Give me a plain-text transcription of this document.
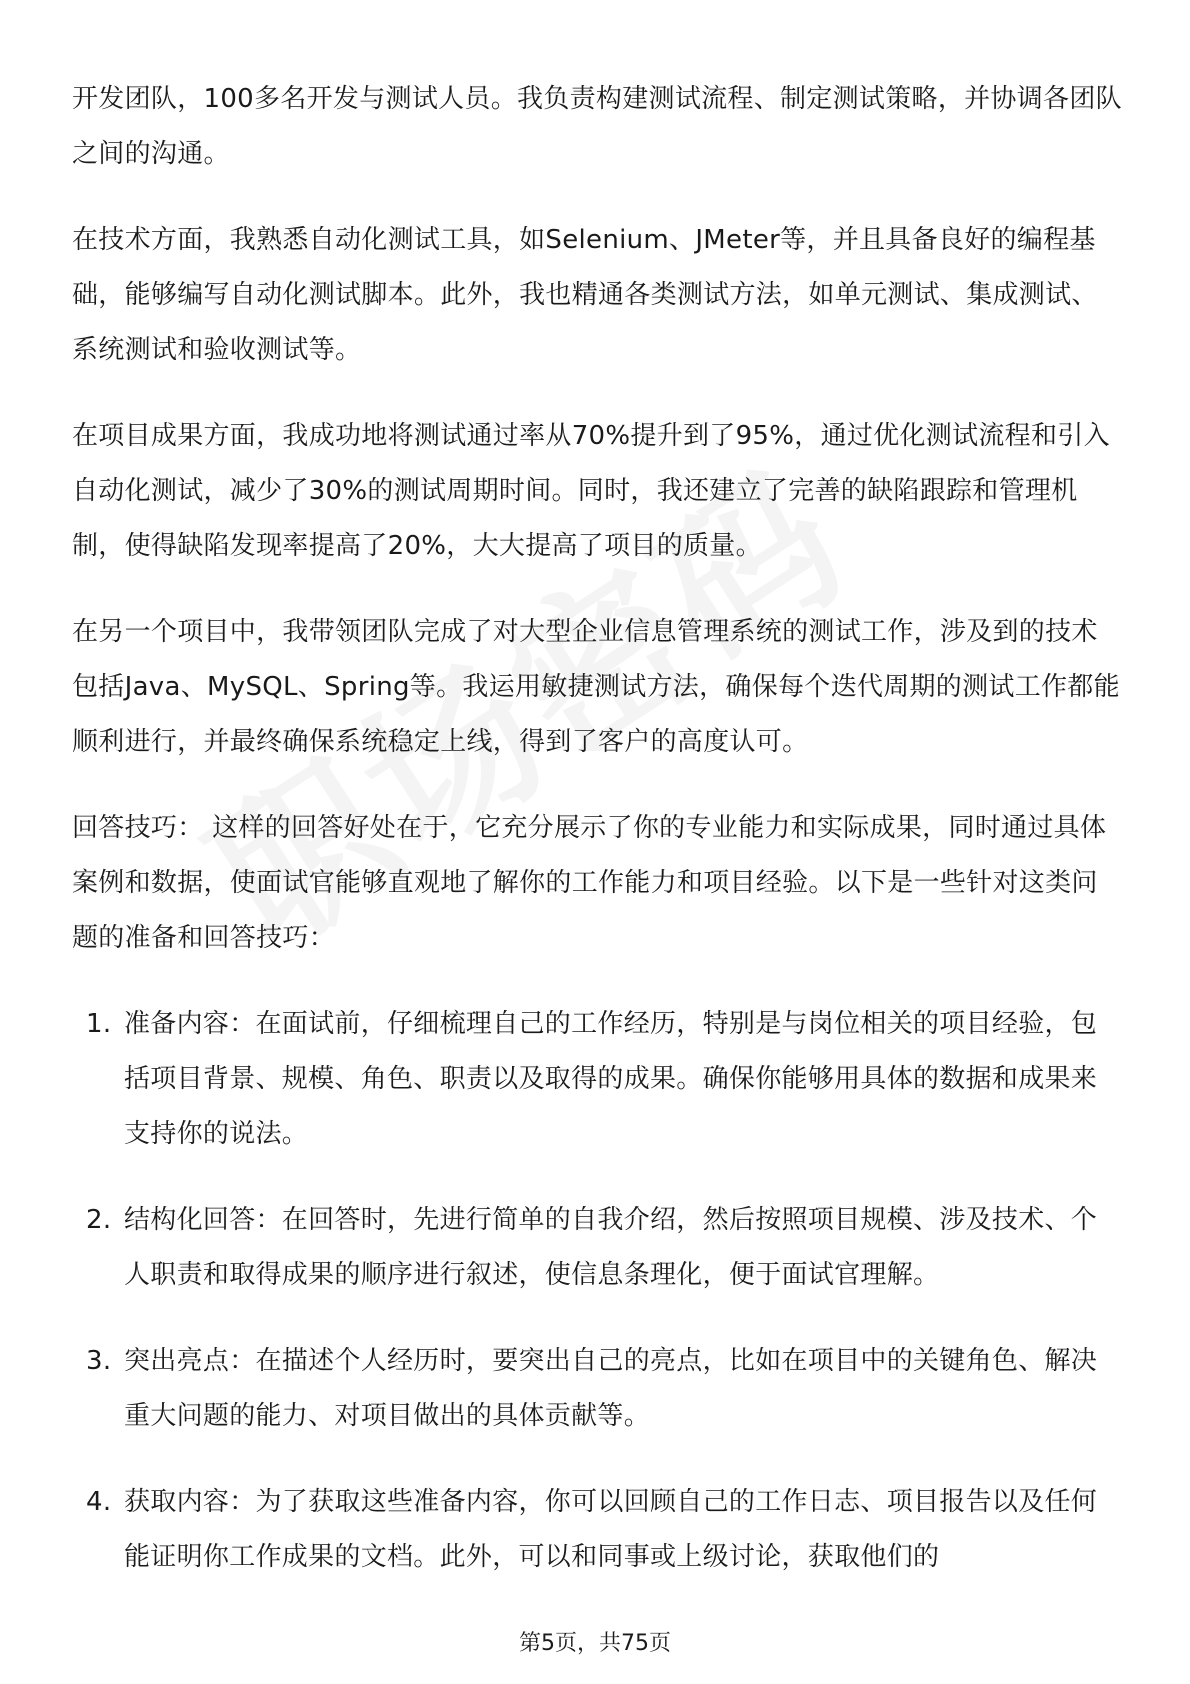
开发团队，100多名开发与测试人员。我负责构建测试流程、制定测试策略，并协调各团队之间的沟通。

在技术方面，我熟悉自动化测试工具，如Selenium、JMeter等，并且具备良好的编程基础，能够编写自动化测试脚本。此外，我也精通各类测试方法，如单元测试、集成测试、系统测试和验收测试等。

在项目成果方面，我成功地将测试通过率从70%提升到了95%，通过优化测试流程和引入自动化测试，减少了30%的测试周期时间。同时，我还建立了完善的缺陷跟踪和管理机制，使得缺陷发现率提高了20%，大大提高了项目的质量。

在另一个项目中，我带领团队完成了对大型企业信息管理系统的测试工作，涉及到的技术包括Java、MySQL、Spring等。我运用敏捷测试方法，确保每个迭代周期的测试工作都能顺利进行，并最终确保系统稳定上线，得到了客户的高度认可。

回答技巧： 这样的回答好处在于，它充分展示了你的专业能力和实际成果，同时通过具体案例和数据，使面试官能够直观地了解你的工作能力和项目经验。以下是一些针对这类问题的准备和回答技巧：

1. 准备内容：在面试前，仔细梳理自己的工作经历，特别是与岗位相关的项目经验，包括项目背景、规模、角色、职责以及取得的成果。确保你能够用具体的数据和成果来支持你的说法。
2. 结构化回答：在回答时，先进行简单的自我介绍，然后按照项目规模、涉及技术、个人职责和取得成果的顺序进行叙述，使信息条理化，便于面试官理解。
3. 突出亮点：在描述个人经历时，要突出自己的亮点，比如在项目中的关键角色、解决重大问题的能力、对项目做出的具体贡献等。
4. 获取内容：为了获取这些准备内容，你可以回顾自己的工作日志、项目报告以及任何能证明你工作成果的文档。此外，可以和同事或上级讨论，获取他们的
第5页，共75页
